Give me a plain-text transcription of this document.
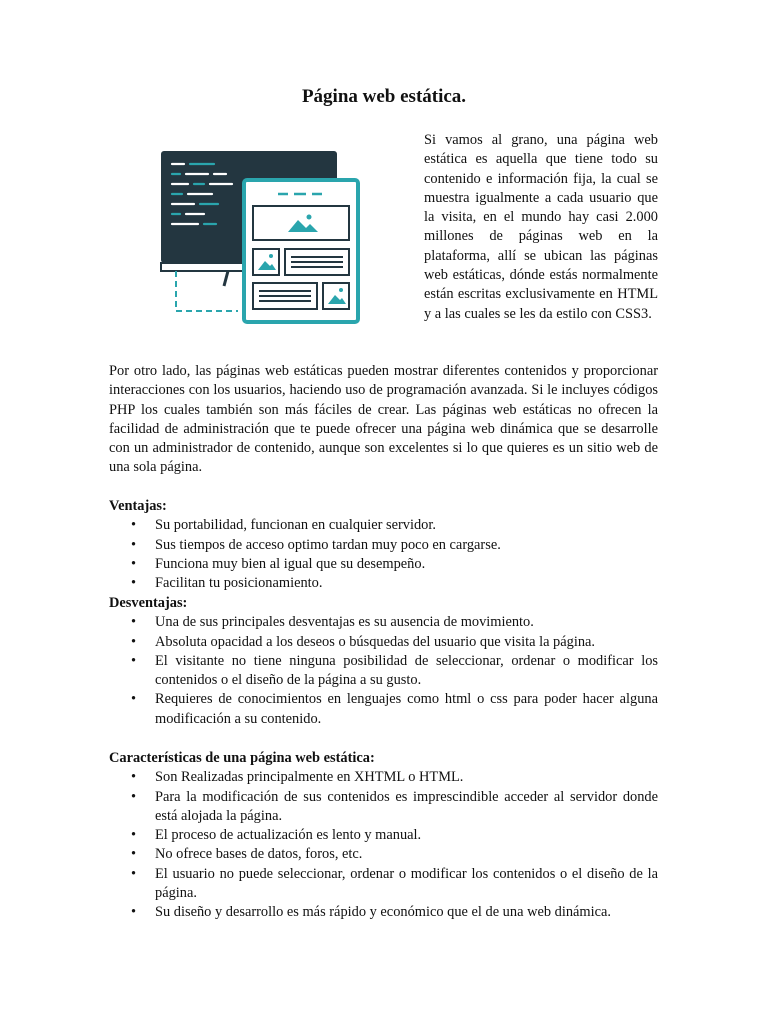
Página web estática.

Si vamos al grano, una página web estática es aquella que tiene todo su contenido e información fija, la cual se muestra igualmente a cada usuario que la visita, en el mundo hay casi 2.000 millones de páginas web en la plataforma, allí se ubican las páginas web estáticas, dónde estás normalmente están escritas exclusivamente en HTML y a las cuales se les da estilo con CSS3.

Por otro lado, las páginas web estáticas pueden mostrar diferentes contenidos y proporcionar interacciones con los usuarios, haciendo uso de programación avanzada. Si le incluyes códigos PHP los cuales también son más fáciles de crear. Las páginas web estáticas no ofrecen la facilidad de administración que te puede ofrecer una página web dinámica que se desarrolle con un administrador de contenido, aunque son excelentes si lo que quieres es un sitio web de una sola página.

Ventajas:
• Su portabilidad, funcionan en cualquier servidor.
• Sus tiempos de acceso optimo tardan muy poco en cargarse.
• Funciona muy bien al igual que su desempeño.
• Facilitan tu posicionamiento.
Desventajas:
• Una de sus principales desventajas es su ausencia de movimiento.
• Absoluta opacidad a los deseos o búsquedas del usuario que visita la página.
• El visitante no tiene ninguna posibilidad de seleccionar, ordenar o modificar los contenidos o el diseño de la página a su gusto.
• Requieres de conocimientos en lenguajes como html o css para poder hacer alguna modificación a su contenido.
Características de una página web estática:
• Son Realizadas principalmente en XHTML o HTML.
• Para la modificación de sus contenidos es imprescindible acceder al servidor donde está alojada la página.
• El proceso de actualización es lento y manual.
• No ofrece bases de datos, foros, etc.
• El usuario no puede seleccionar, ordenar o modificar los contenidos o el diseño de la página.
• Su diseño y desarrollo es más rápido y económico que el de una web dinámica.
